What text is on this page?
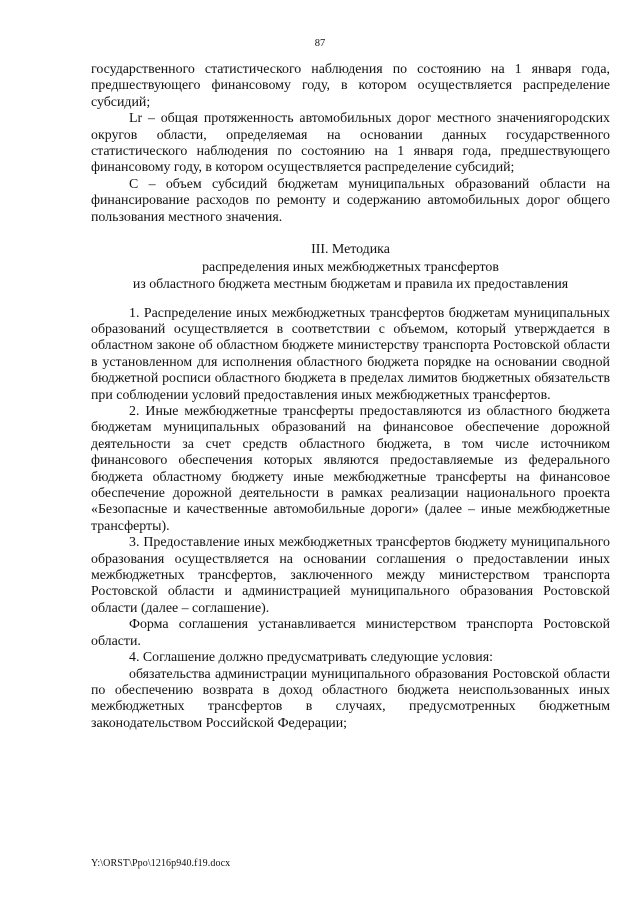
87

государственного статистического наблюдения по состоянию на 1 января года, предшествующего финансовому году, в котором осуществляется распределение субсидий;

Lr – общая протяженность автомобильных дорог местного значениягородских округов области, определяемая на основании данных государственного статистического наблюдения по состоянию на 1 января года, предшествующего финансовому году, в котором осуществляется распределение субсидий;

C – объем субсидий бюджетам муниципальных образований области на финансирование расходов по ремонту и содержанию автомобильных дорог общего пользования местного значения.

III. Методика
распределения иных межбюджетных трансфертов
из областного бюджета местным бюджетам и правила их предоставления

1. Распределение иных межбюджетных трансфертов бюджетам муниципальных образований осуществляется в соответствии с объемом, который утверждается в областном законе об областном бюджете министерству транспорта Ростовской области в установленном для исполнения областного бюджета порядке на основании сводной бюджетной росписи областного бюджета в пределах лимитов бюджетных обязательств при соблюдении условий предоставления иных межбюджетных трансфертов.

2. Иные межбюджетные трансферты предоставляются из областного бюджета бюджетам муниципальных образований на финансовое обеспечение дорожной деятельности за счет средств областного бюджета, в том числе источником финансового обеспечения которых являются предоставляемые из федерального бюджета областному бюджету иные межбюджетные трансферты на финансовое обеспечение дорожной деятельности в рамках реализации национального проекта «Безопасные и качественные автомобильные дороги» (далее – иные межбюджетные трансферты).

3. Предоставление иных межбюджетных трансфертов бюджету муниципального образования осуществляется на основании соглашения о предоставлении иных межбюджетных трансфертов, заключенного между министерством транспорта Ростовской области и администрацией муниципального образования Ростовской области (далее – соглашение).

Форма соглашения устанавливается министерством транспорта Ростовской области.

4. Соглашение должно предусматривать следующие условия:

обязательства администрации муниципального образования Ростовской области по обеспечению возврата в доход областного бюджета неиспользованных иных межбюджетных трансфертов в случаях, предусмотренных бюджетным законодательством Российской Федерации;

Y:\ORST\Ppo\1216p940.f19.docx
